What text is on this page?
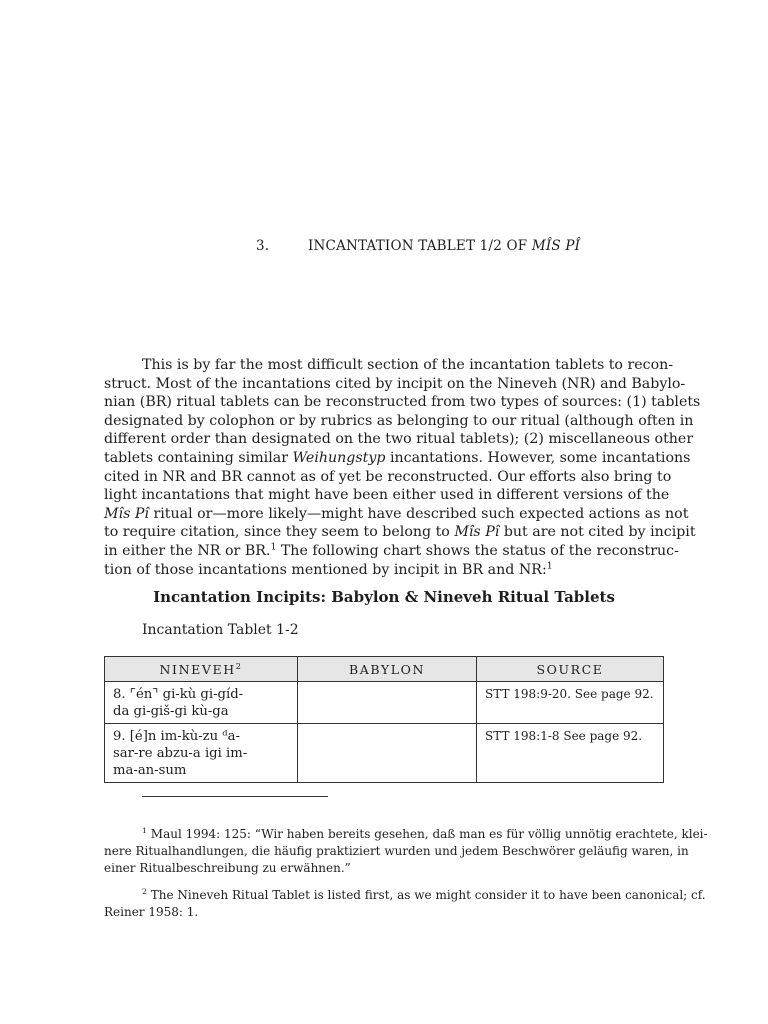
3.	INCANTATION TABLET 1/2 OF MÎS PÎ
This is by far the most difficult section of the incantation tablets to recon-
struct. Most of the incantations cited by incipit on the Nineveh (NR) and Babylo-
nian (BR) ritual tablets can be reconstructed from two types of sources: (1) tablets
designated by colophon or by rubrics as belonging to our ritual (although often in
different order than designated on the two ritual tablets); (2) miscellaneous other
tablets containing similar Weihungstyp incantations. However, some incantations
cited in NR and BR cannot as of yet be reconstructed. Our efforts also bring to
light incantations that might have been either used in different versions of the
Mîs Pî ritual or—more likely—might have described such expected actions as not
to require citation, since they seem to belong to Mîs Pî but are not cited by incipit
in either the NR or BR.$^1$ The following chart shows the status of the reconstruc-
tion of those incantations mentioned by incipit in BR and NR:$^1$
Incantation Incipits: Babylon & Nineveh Ritual Tablets
Incantation Tablet 1-2
NINEVEH$^2$	BABYLON	SOURCE

8. ⌜én⌝ gi-kù gi-gíd-
da gi-giš-gi kù-ga		STT 198:9-20. See page 92.

9. [é]n im-kù-zu ᵈa-
sar-re abzu-a igi im-
ma-an-sum		STT 198:1-8 See page 92.
$^1$ Maul 1994: 125: “Wir haben bereits gesehen, daß man es für völlig unnötig erachtete, klei-
nere Ritualhandlungen, die häufig praktiziert wurden und jedem Beschwörer geläufig waren, in
einer Ritualbeschreibung zu erwähnen.”
$^2$ The Nineveh Ritual Tablet is listed first, as we might consider it to have been canonical; cf.
Reiner 1958: 1.
